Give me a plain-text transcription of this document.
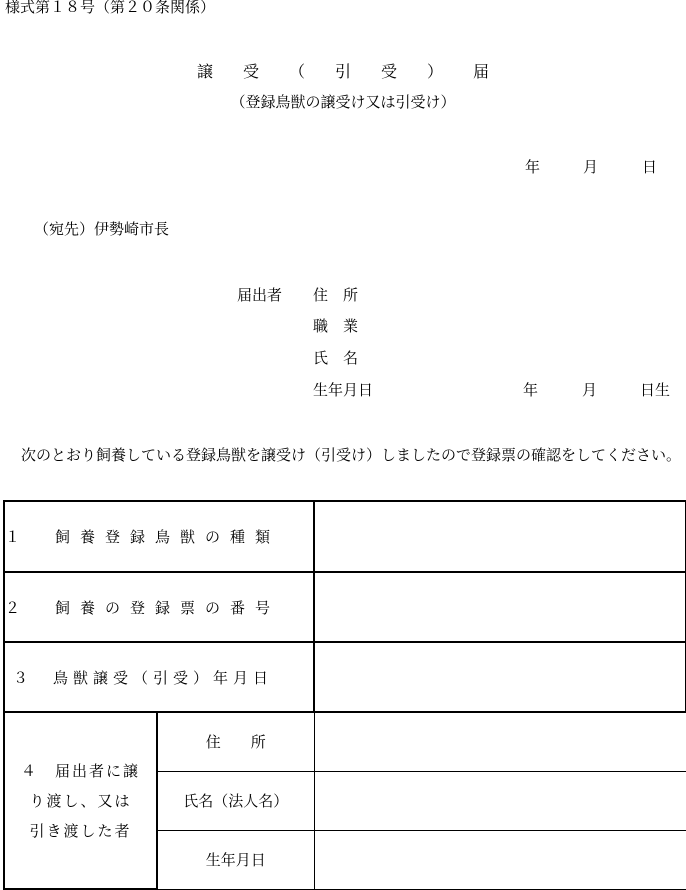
様式第１８号（第２０条関係）
譲 受 （ 引 受 ） 届
（登録鳥獣の譲受け又は引受け）
年	月	日
（宛先）伊勢崎市長
届出者 住　所
職　業
氏　名
生年月日	年	月	日生
　次のとおり飼養している登録鳥獣を譲受け（引受け）しましたので登録票の確認をしてください。
１　飼養登録鳥獣の種類		
２　飼養の登録票の番号		
３　鳥獣譲受（引受）年月日		

４　届出者に譲
り渡し、又は
引き渡した者	住　　所	
	氏名（法人名）	
	生年月日	
